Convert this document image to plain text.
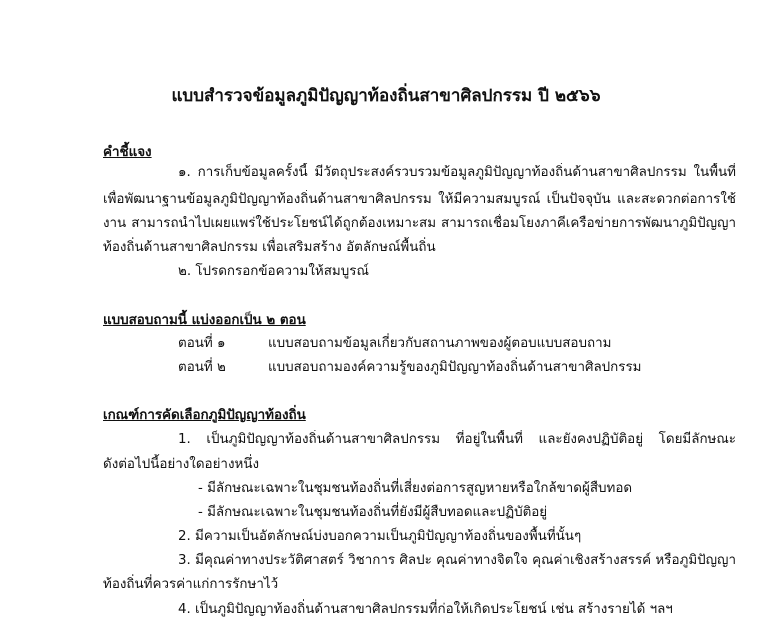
แบบสำรวจข้อมูลภูมิปัญญาท้องถิ่นสาขาศิลปกรรม ปี ๒๕๖๖
คำชี้แจง
๑. การเก็บข้อมูลครั้งนี้ มีวัตถุประสงค์รวบรวมข้อมูลภูมิปัญญาท้องถิ่นด้านสาขาศิลปกรรม ในพื้นที่
เพื่อพัฒนาฐานข้อมูลภูมิปัญญาท้องถิ่นด้านสาขาศิลปกรรม ให้มีความสมบูรณ์ เป็นปัจจุบัน และสะดวกต่อการใช้
งาน สามารถนำไปเผยแพร่ใช้ประโยชน์ได้ถูกต้องเหมาะสม สามารถเชื่อมโยงภาคีเครือข่ายการพัฒนาภูมิปัญญา
ท้องถิ่นด้านสาขาศิลปกรรม เพื่อเสริมสร้าง อัตลักษณ์พื้นถิ่น
๒. โปรดกรอกข้อความให้สมบูรณ์
แบบสอบถามนี้ แบ่งออกเป็น ๒ ตอน
ตอนที่ ๑	แบบสอบถามข้อมูลเกี่ยวกับสถานภาพของผู้ตอบแบบสอบถาม
ตอนที่ ๒	แบบสอบถามองค์ความรู้ของภูมิปัญญาท้องถิ่นด้านสาขาศิลปกรรม
เกณฑ์การคัดเลือกภูมิปัญญาท้องถิ่น
1. เป็นภูมิปัญญาท้องถิ่นด้านสาขาศิลปกรรม ที่อยู่ในพื้นที่ และยังคงปฏิบัติอยู่ โดยมีลักษณะ
ดังต่อไปนี้อย่างใดอย่างหนึ่ง
- มีลักษณะเฉพาะในชุมชนท้องถิ่นที่เสี่ยงต่อการสูญหายหรือใกล้ขาดผู้สืบทอด
- มีลักษณะเฉพาะในชุมชนท้องถิ่นที่ยังมีผู้สืบทอดและปฏิบัติอยู่
2. มีความเป็นอัตลักษณ์บ่งบอกความเป็นภูมิปัญญาท้องถิ่นของพื้นที่นั้นๆ
3. มีคุณค่าทางประวัติศาสตร์ วิชาการ ศิลปะ คุณค่าทางจิตใจ คุณค่าเชิงสร้างสรรค์ หรือภูมิปัญญา
ท้องถิ่นที่ควรค่าแก่การรักษาไว้
4. เป็นภูมิปัญญาท้องถิ่นด้านสาขาศิลปกรรมที่ก่อให้เกิดประโยชน์ เช่น สร้างรายได้ ฯลฯ
